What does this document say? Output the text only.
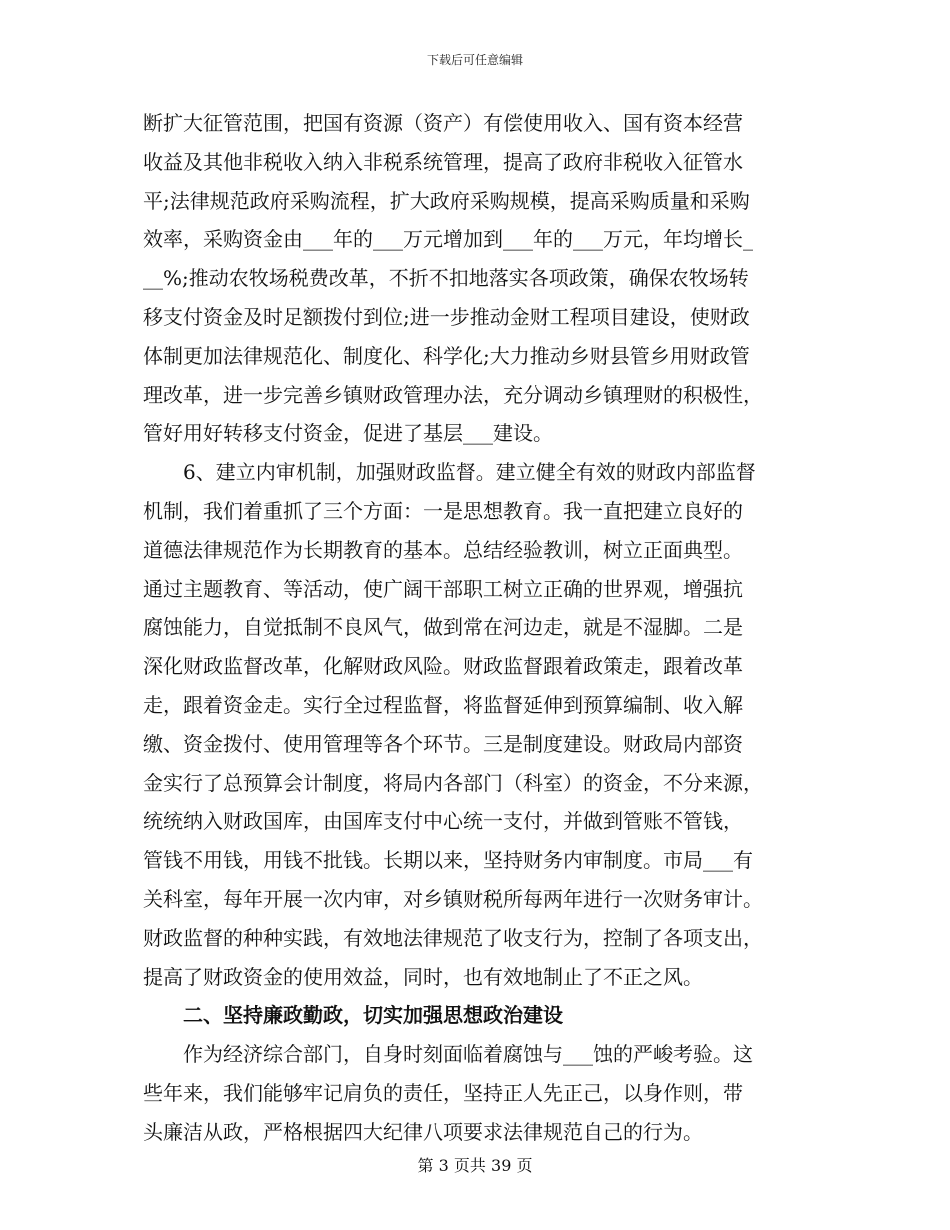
下载后可任意编辑
断扩大征管范围，把国有资源（资产）有偿使用收入、国有资本经营
收益及其他非税收入纳入非税系统管理，提高了政府非税收入征管水
平;法律规范政府采购流程，扩大政府采购规模，提高采购质量和采购
效率，采购资金由___年的___万元增加到___年的___万元，年均增长_
__%;推动农牧场税费改革，不折不扣地落实各项政策，确保农牧场转
移支付资金及时足额拨付到位;进一步推动金财工程项目建设，使财政
体制更加法律规范化、制度化、科学化;大力推动乡财县管乡用财政管
理改革，进一步完善乡镇财政管理办法，充分调动乡镇理财的积极性，
管好用好转移支付资金，促进了基层___建设。
6、建立内审机制，加强财政监督。建立健全有效的财政内部监督
机制，我们着重抓了三个方面：一是思想教育。我一直把建立良好的
道德法律规范作为长期教育的基本。总结经验教训，树立正面典型。
通过主题教育、等活动，使广阔干部职工树立正确的世界观，增强抗
腐蚀能力，自觉抵制不良风气，做到常在河边走，就是不湿脚。二是
深化财政监督改革，化解财政风险。财政监督跟着政策走，跟着改革
走，跟着资金走。实行全过程监督，将监督延伸到预算编制、收入解
缴、资金拨付、使用管理等各个环节。三是制度建设。财政局内部资
金实行了总预算会计制度，将局内各部门（科室）的资金，不分来源，
统统纳入财政国库，由国库支付中心统一支付，并做到管账不管钱，
管钱不用钱，用钱不批钱。长期以来，坚持财务内审制度。市局___有
关科室，每年开展一次内审，对乡镇财税所每两年进行一次财务审计。
财政监督的种种实践，有效地法律规范了收支行为，控制了各项支出，
提高了财政资金的使用效益，同时，也有效地制止了不正之风。
二、坚持廉政勤政，切实加强思想政治建设
作为经济综合部门，自身时刻面临着腐蚀与___蚀的严峻考验。这
些年来，我们能够牢记肩负的责任，坚持正人先正己，以身作则，带
头廉洁从政，严格根据四大纪律八项要求法律规范自己的行为。
第 3 页共 39 页
